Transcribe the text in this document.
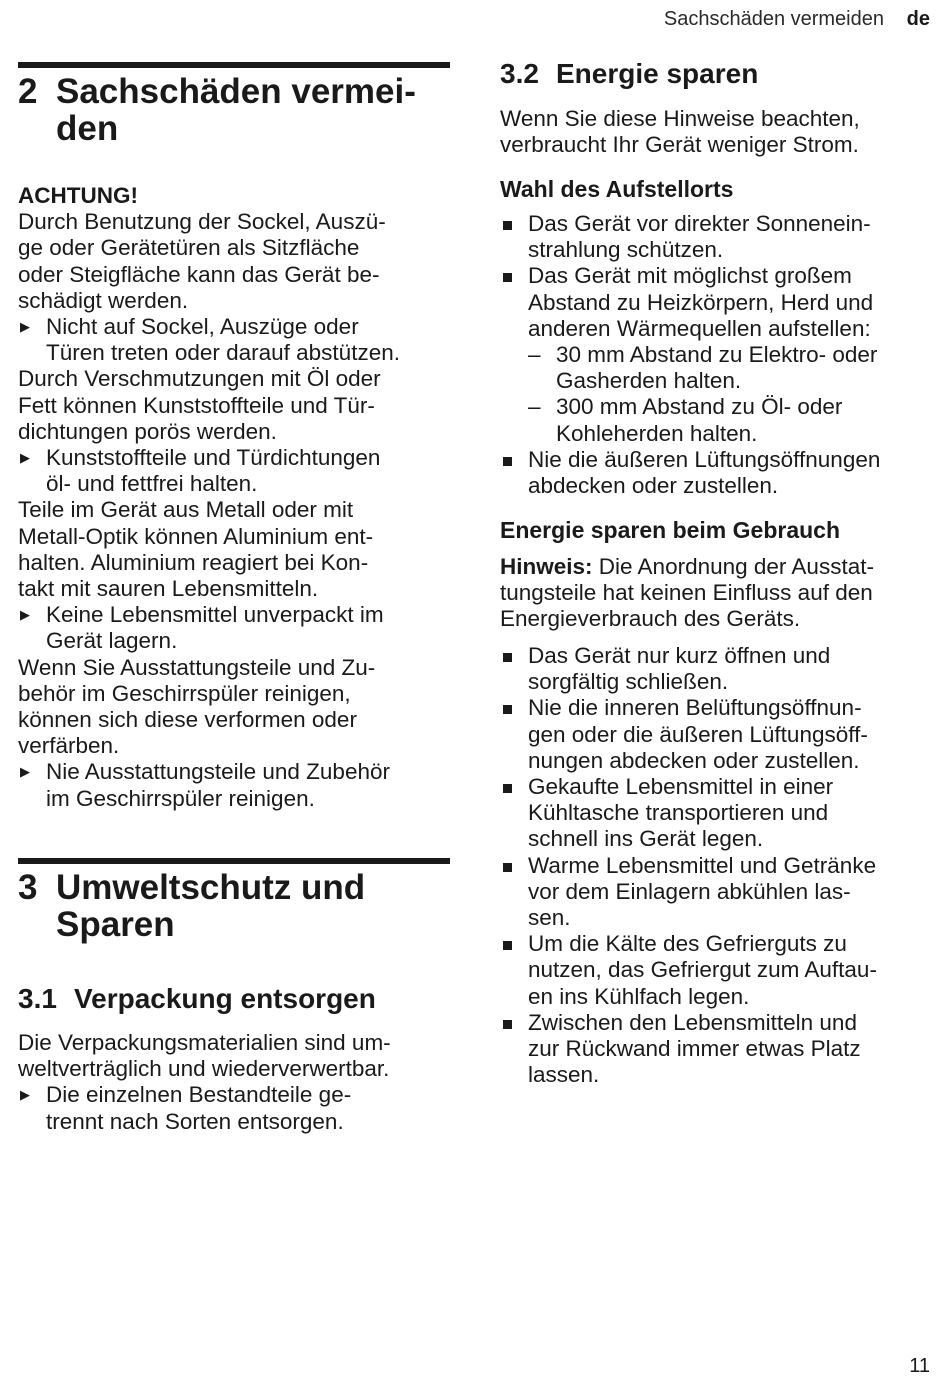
Sachschäden vermeiden de
2 Sachschäden vermei-
den

ACHTUNG!

Durch Benutzung der Sockel, Auszü-
ge oder Gerätetüren als Sitzfläche
oder Steigfläche kann das Gerät be-
schädigt werden.

▶ Nicht auf Sockel, Auszüge oder
Türen treten oder darauf abstützen.

Durch Verschmutzungen mit Öl oder
Fett können Kunststoffteile und Tür-
dichtungen porös werden.

▶ Kunststoffteile und Türdichtungen
öl- und fettfrei halten.

Teile im Gerät aus Metall oder mit
Metall-Optik können Aluminium ent-
halten. Aluminium reagiert bei Kon-
takt mit sauren Lebensmitteln.

▶ Keine Lebensmittel unverpackt im
Gerät lagern.

Wenn Sie Ausstattungsteile und Zu-
behör im Geschirrspüler reinigen,
können sich diese verformen oder
verfärben.

▶ Nie Ausstattungsteile und Zubehör
im Geschirrspüler reinigen.

3 Umweltschutz und
Sparen
3.1 Verpackung entsorgen

Die Verpackungsmaterialien sind um-
weltverträglich und wiederverwertbar.

▶ Die einzelnen Bestandteile ge-
trennt nach Sorten entsorgen.

3.2 Energie sparen

Wenn Sie diese Hinweise beachten,
verbraucht Ihr Gerät weniger Strom.

Wahl des Aufstellorts

Das Gerät vor direkter Sonnenein-
strahlung schützen.

Das Gerät mit möglichst großem
Abstand zu Heizkörpern, Herd und
anderen Wärmequellen aufstellen:

– 30 mm Abstand zu Elektro- oder
Gasherden halten.

– 300 mm Abstand zu Öl- oder
Kohleherden halten.

Nie die äußeren Lüftungsöffnungen
abdecken oder zustellen.

Energie sparen beim Gebrauch

Hinweis: Die Anordnung der Ausstat-
tungsteile hat keinen Einfluss auf den
Energieverbrauch des Geräts.

Das Gerät nur kurz öffnen und
sorgfältig schließen.

Nie die inneren Belüftungsöffnun-
gen oder die äußeren Lüftungsöff-
nungen abdecken oder zustellen.

Gekaufte Lebensmittel in einer
Kühltasche transportieren und
schnell ins Gerät legen.

Warme Lebensmittel und Getränke
vor dem Einlagern abkühlen las-
sen.

Um die Kälte des Gefrierguts zu
nutzen, das Gefriergut zum Auftau-
en ins Kühlfach legen.

Zwischen den Lebensmitteln und
zur Rückwand immer etwas Platz
lassen.

11
